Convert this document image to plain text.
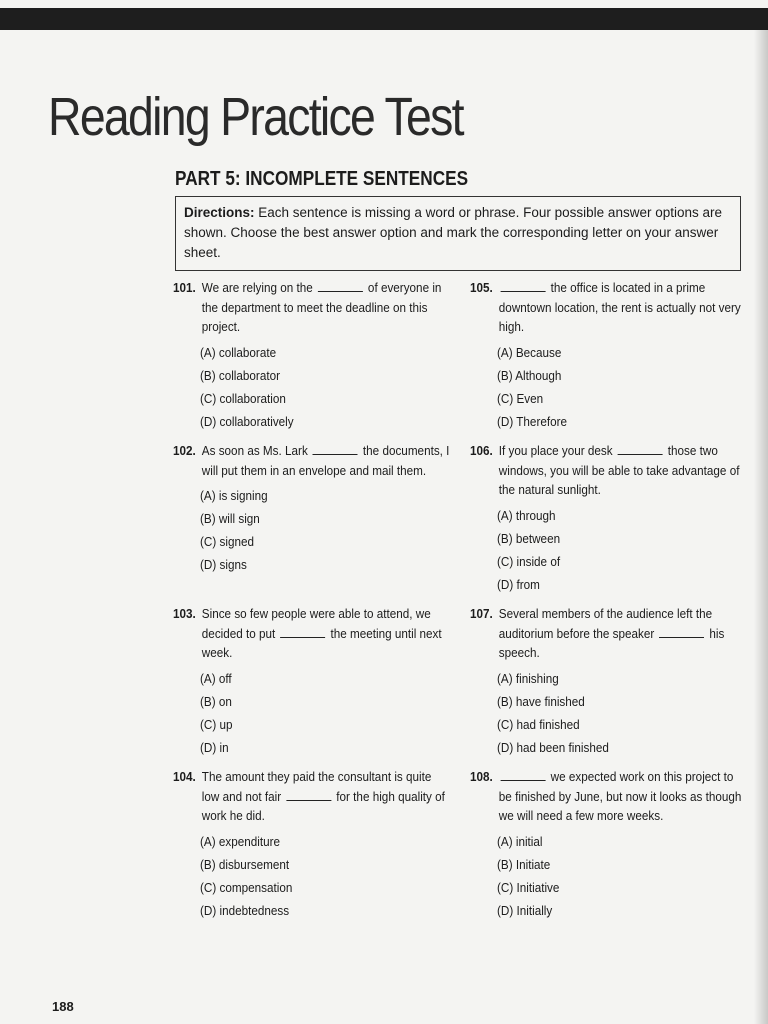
Reading Practice Test
PART 5: INCOMPLETE SENTENCES
Directions: Each sentence is missing a word or phrase. Four possible answer options are shown. Choose the best answer option and mark the corresponding letter on your answer sheet.
101. We are relying on the	of everyone in the department to meet the deadline on this project.
(A) collaborate
(B) collaborator
(C) collaboration
(D) collaboratively
102. As soon as Ms. Lark	the documents, I will put them in an envelope and mail them.
(A) is signing
(B) will sign
(C) signed
(D) signs
103. Since so few people were able to attend, we decided to put	the meeting until next week.
(A) off
(B) on
(C) up
(D) in
104. The amount they paid the consultant is quite low and not fair	for the high quality of work he did.
(A) expenditure
(B) disbursement
(C) compensation
(D) indebtedness
105.	the office is located in a prime downtown location, the rent is actually not very high.
(A) Because
(B) Although
(C) Even
(D) Therefore
106. If you place your desk	those two windows, you will be able to take advantage of the natural sunlight.
(A) through
(B) between
(C) inside of
(D) from
107. Several members of the audience left the auditorium before the speaker	his speech.
(A) finishing
(B) have finished
(C) had finished
(D) had been finished
108.	we expected work on this project to be finished by June, but now it looks as though we will need a few more weeks.
(A) initial
(B) Initiate
(C) Initiative
(D) Initially
188
